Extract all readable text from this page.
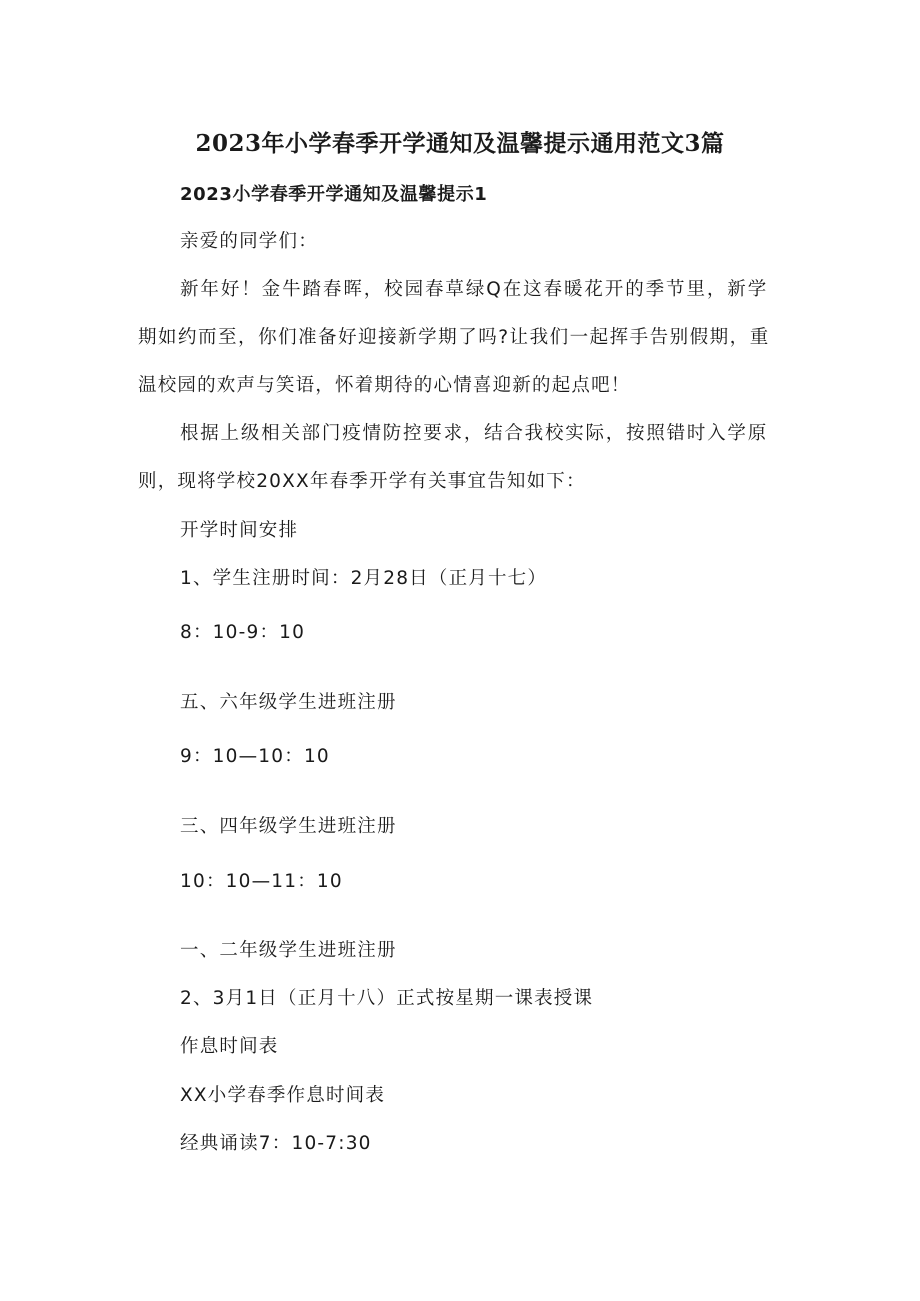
2023年小学春季开学通知及温馨提示通用范文3篇
2023小学春季开学通知及温馨提示1
亲爱的同学们：
新年好！金牛踏春晖，校园春草绿Q在这春暖花开的季节里，新学
期如约而至，你们准备好迎接新学期了吗?让我们一起挥手告别假期，重
温校园的欢声与笑语，怀着期待的心情喜迎新的起点吧！
根据上级相关部门疫情防控要求，结合我校实际，按照错时入学原
则，现将学校20XX年春季开学有关事宜告知如下：
开学时间安排
1、学生注册时间：2月28日（正月十七）
8：10-9：10
五、六年级学生进班注册
9：10—10：10
三、四年级学生进班注册
10：10—11：10
一、二年级学生进班注册
2、3月1日（正月十八）正式按星期一课表授课
作息时间表
XX小学春季作息时间表
经典诵读7：10-7:30
